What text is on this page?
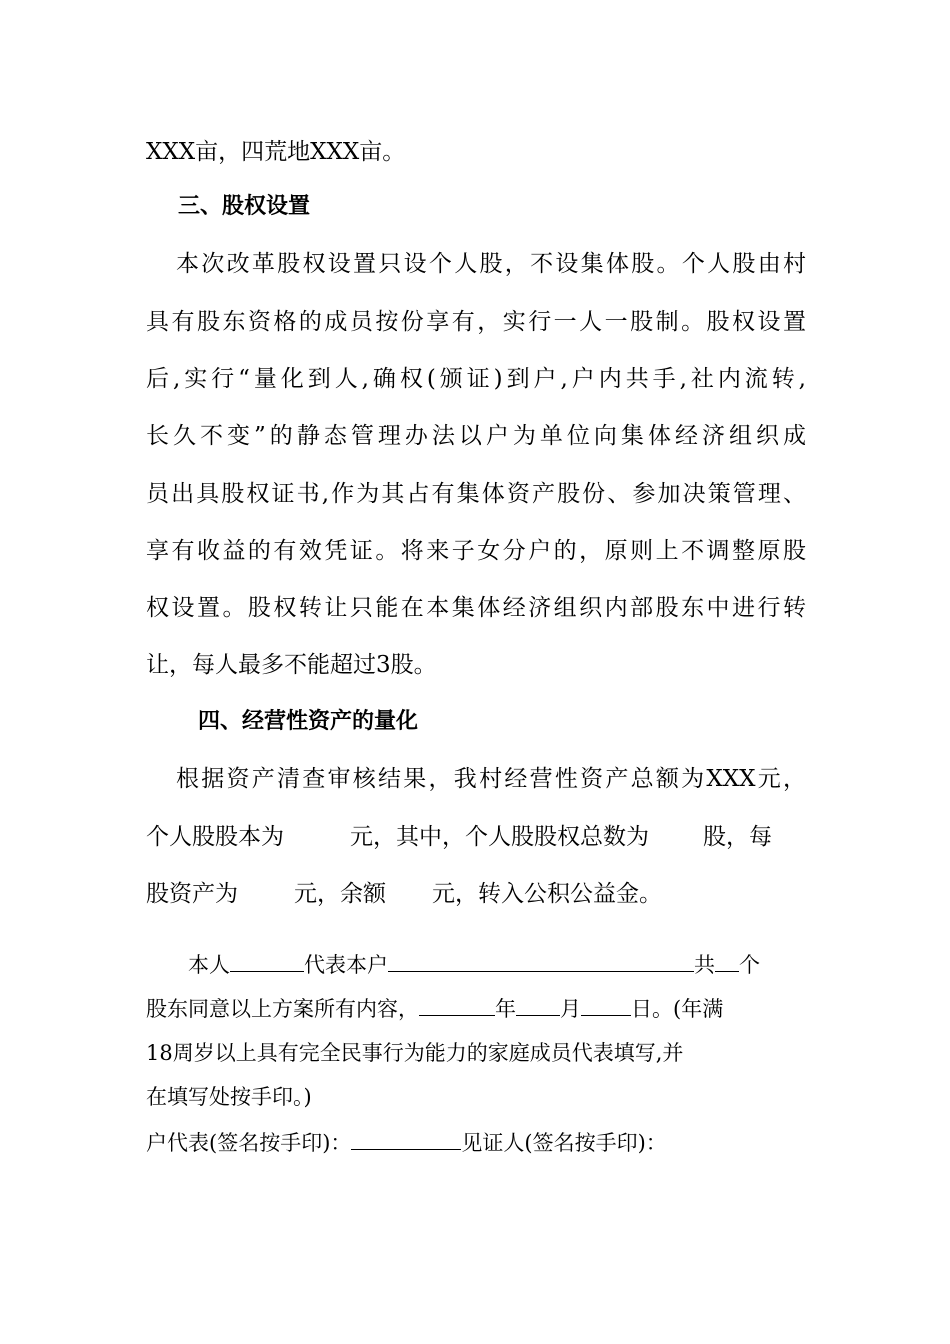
XXX亩，四荒地XXX亩。
三、股权设置
本次改革股权设置只设个人股，不设集体股。个人股由村
具有股东资格的成员按份享有，实行一人一股制。股权设置
后,实行“量化到人,确权(颁证)到户,户内共手,社内流转,
长久不变”的静态管理办法以户为单位向集体经济组织成
员出具股权证书,作为其占有集体资产股份、参加决策管理、
享有收益的有效凭证。将来子女分户的，原则上不调整原股
权设置。股权转让只能在本集体经济组织内部股东中进行转
让，每人最多不能超过3股。
四、经营性资产的量化
根据资产清查审核结果，我村经营性资产总额为XXX元，
个人股股本为	元，其中，个人股股权总数为 股，每
股资产为 元，余额 元，转入公积公益金。
本人	代表本户	共 个
股东同意以上方案所有内容，	年 月 日。(年满
18周岁以上具有完全民事行为能力的家庭成员代表填写,并
在填写处按手印。)
户代表(签名按手印)：	见证人(签名按手印)：
